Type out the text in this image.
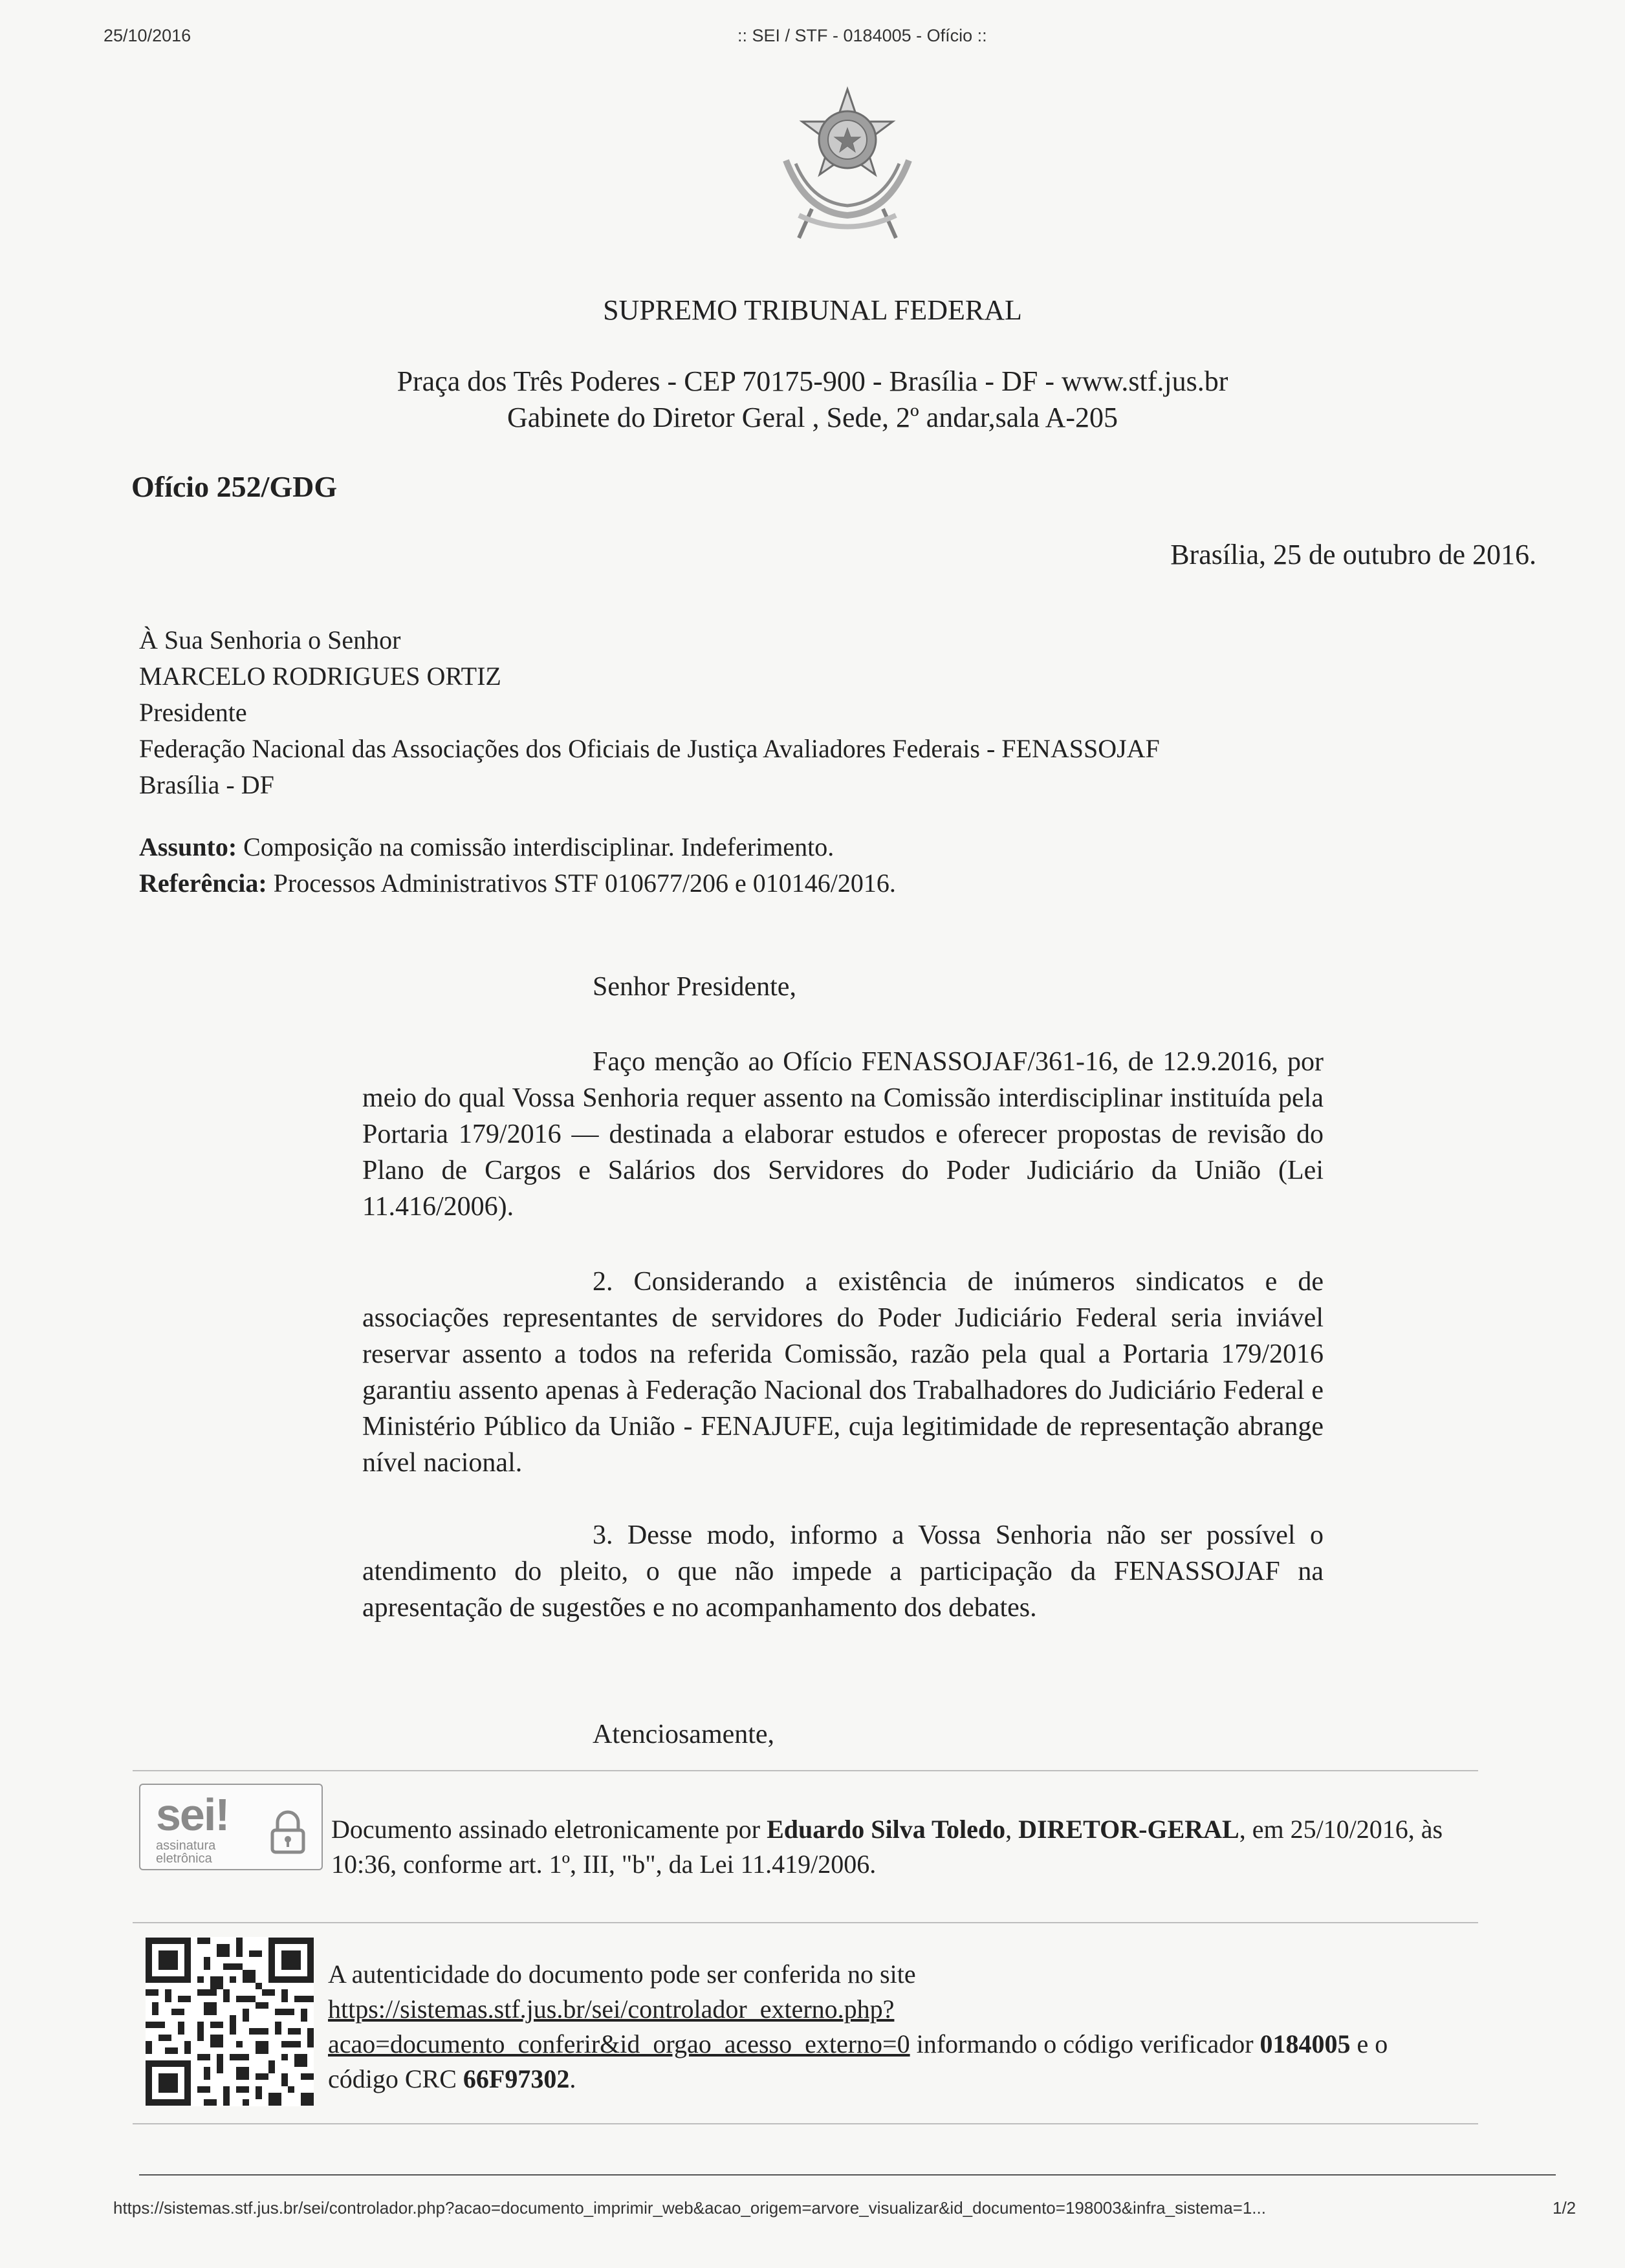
25/10/2016	:: SEI / STF - 0184005 - Ofício ::
SUPREMO TRIBUNAL FEDERAL
Praça dos Três Poderes - CEP 70175-900 - Brasília - DF - www.stf.jus.br
Gabinete do Diretor Geral , Sede, 2º andar,sala A-205
Ofício 252/GDG
Brasília, 25 de outubro de 2016.
À Sua Senhoria o Senhor
MARCELO RODRIGUES ORTIZ
Presidente
Federação Nacional das Associações dos Oficiais de Justiça Avaliadores Federais - FENASSOJAF
Brasília - DF
Assunto: Composição na comissão interdisciplinar. Indeferimento.
Referência: Processos Administrativos STF 010677/206 e 010146/2016.
Senhor Presidente,
Faço menção ao Ofício FENASSOJAF/361-16, de 12.9.2016, por meio do qual Vossa Senhoria requer assento na Comissão interdisciplinar instituída pela Portaria 179/2016 — destinada a elaborar estudos e oferecer propostas de revisão do Plano de Cargos e Salários dos Servidores do Poder Judiciário da União (Lei 11.416/2006).
2. Considerando a existência de inúmeros sindicatos e de associações representantes de servidores do Poder Judiciário Federal seria inviável reservar assento a todos na referida Comissão, razão pela qual a Portaria 179/2016 garantiu assento apenas à Federação Nacional dos Trabalhadores do Judiciário Federal e Ministério Público da União - FENAJUFE, cuja legitimidade de representação abrange nível nacional.
3. Desse modo, informo a Vossa Senhoria não ser possível o atendimento do pleito, o que não impede a participação da FENASSOJAF na apresentação de sugestões e no acompanhamento dos debates.
Atenciosamente,
sei!
assinatura
eletrônica
Documento assinado eletronicamente por Eduardo Silva Toledo, DIRETOR-GERAL, em 25/10/2016, às 10:36, conforme art. 1º, III, "b", da Lei 11.419/2006.
A autenticidade do documento pode ser conferida no site
https://sistemas.stf.jus.br/sei/controlador_externo.php?
acao=documento_conferir&id_orgao_acesso_externo=0 informando o código verificador 0184005 e o
código CRC 66F97302.
https://sistemas.stf.jus.br/sei/controlador.php?acao=documento_imprimir_web&acao_origem=arvore_visualizar&id_documento=198003&infra_sistema=1...	1/2
